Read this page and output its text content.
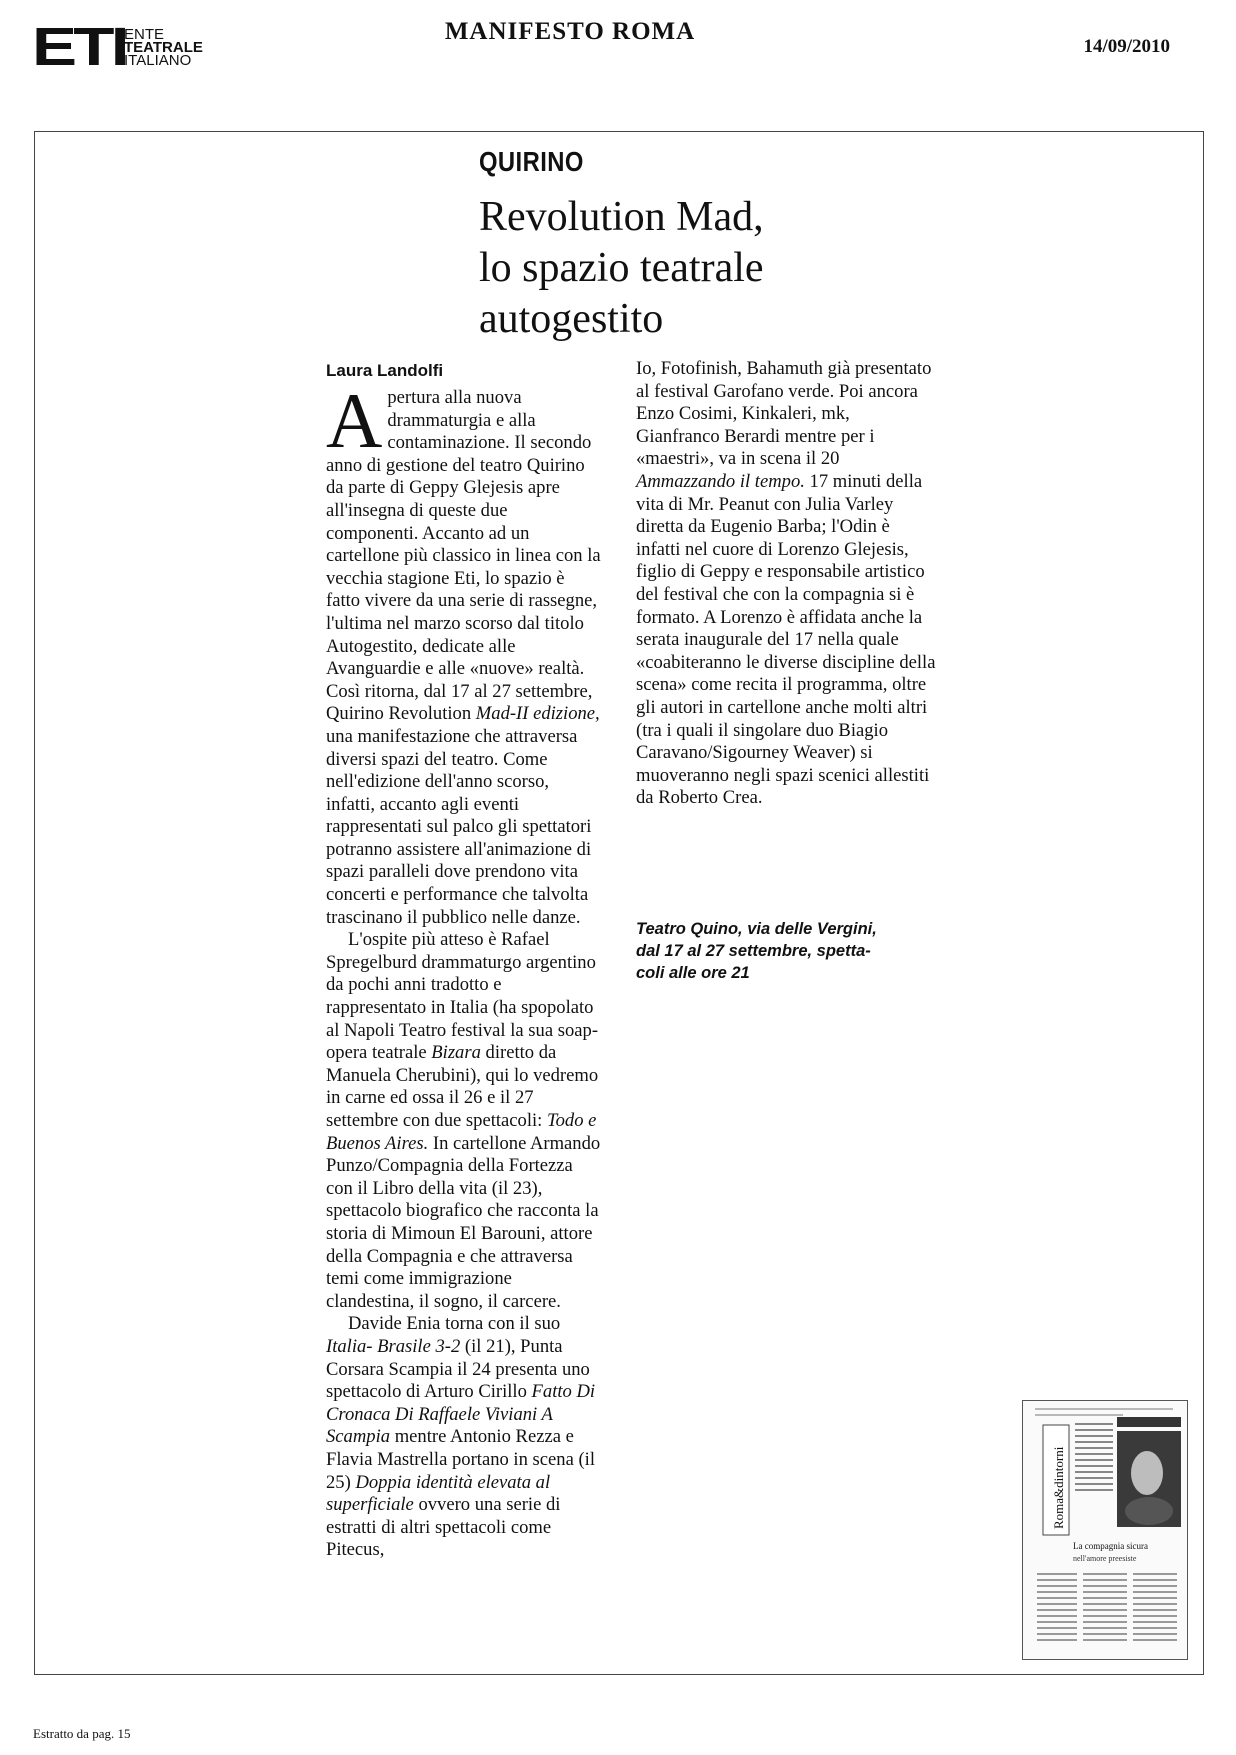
ETI
ENTE
TEATRALE
ITALIANO
MANIFESTO ROMA
14/09/2010
QUIRINO
Revolution Mad,
lo spazio teatrale
autogestito
Laura Landolfi

Apertura alla nuova drammaturgia e alla contaminazione. Il secondo anno di gestione del teatro Quirino da parte di Geppy Glejesis apre all'insegna di queste due componenti. Accanto ad un cartellone più classico in linea con la vecchia stagione Eti, lo spazio è fatto vivere da una serie di rassegne, l'ultima nel marzo scorso dal titolo Autogestito, dedicate alle Avanguardie e alle «nuove» realtà. Così ritorna, dal 17 al 27 settembre, Quirino Revolution Mad-II edizione, una manifestazione che attraversa diversi spazi del teatro. Come nell'edizione dell'anno scorso, infatti, accanto agli eventi rappresentati sul palco gli spettatori potranno assistere all'animazione di spazi paralleli dove prendono vita concerti e performance che talvolta trascinano il pubblico nelle danze.

L'ospite più atteso è Rafael Spregelburd drammaturgo argentino da pochi anni tradotto e rappresentato in Italia (ha spopolato al Napoli Teatro festival la sua soap-opera teatrale Bizara diretto da Manuela Cherubini), qui lo vedremo in carne ed ossa il 26 e il 27 settembre con due spettacoli: Todo e Buenos Aires. In cartellone Armando Punzo/Compagnia della Fortezza con il Libro della vita (il 23), spettacolo biografico che racconta la storia di Mimoun El Barouni, attore della Compagnia e che attraversa temi come immigrazione clandestina, il sogno, il carcere.

Davide Enia torna con il suo Italia- Brasile 3-2 (il 21), Punta Corsara Scampia il 24 presenta uno spettacolo di Arturo Cirillo Fatto Di Cronaca Di Raffaele Viviani A Scampia mentre Antonio Rezza e Flavia Mastrella portano in scena (il 25) Doppia identità elevata al superficiale ovvero una serie di estratti di altri spettacoli come Pitecus,

Io, Fotofinish, Bahamuth già presentato al festival Garofano verde. Poi ancora Enzo Cosimi, Kinkaleri, mk, Gianfranco Berardi mentre per i «maestri», va in scena il 20 Ammazzando il tempo. 17 minuti della vita di Mr. Peanut con Julia Varley diretta da Eugenio Barba; l'Odin è infatti nel cuore di Lorenzo Glejesis, figlio di Geppy e responsabile artistico del festival che con la compagnia si è formato. A Lorenzo è affidata anche la serata inaugurale del 17 nella quale «coabiteranno le diverse discipline della scena» come recita il programma, oltre gli autori in cartellone anche molti altri (tra i quali il singolare duo Biagio Caravano/Sigourney Weaver) si muoveranno negli spazi scenici allestiti da Roberto Crea.

Teatro Quino, via delle Vergini,
dal 17 al 27 settembre, spetta-
coli alle ore 21
Roma&dintorni
La compagnia sicura
nell'amore preesiste
Estratto da pag. 15
